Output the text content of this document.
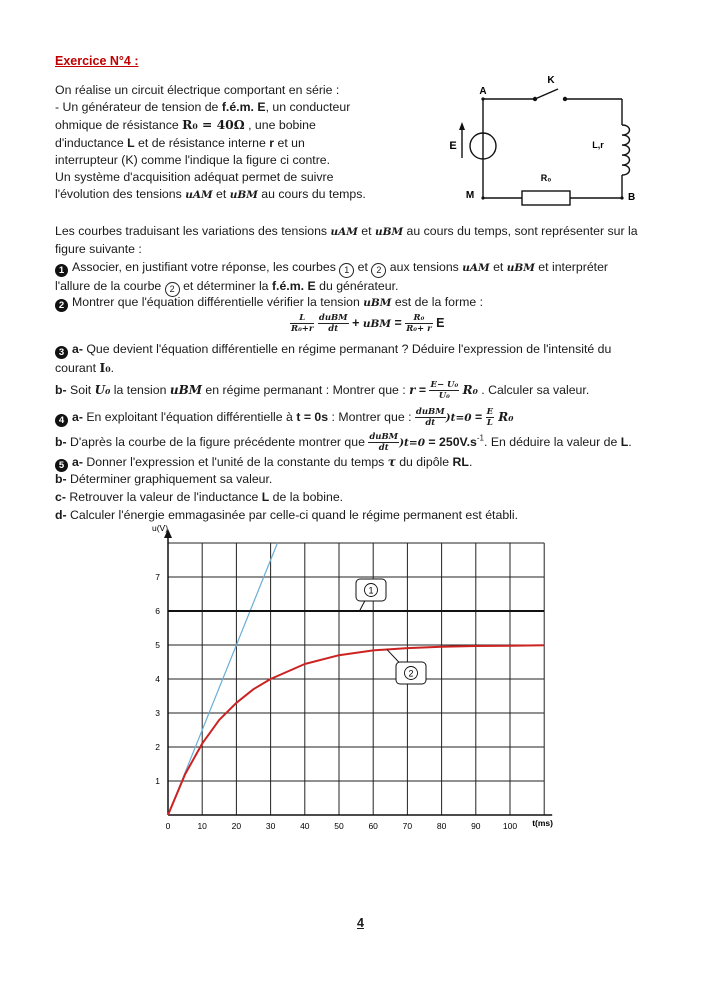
Exercice N°4 :
On réalise un circuit électrique comportant en série :
- Un générateur de tension de f.é.m. E, un conducteur
ohmique de résistance R₀ = 40Ω , une bobine
d'inductance L et de résistance interne r et un
interrupteur (K) comme l'indique la figure ci contre.
Un système d'acquisition adéquat permet de suivre
l'évolution des tensions uAM et uBM au cours du temps.
A
K
E	L,r
R₀
M	B
Les courbes traduisant les variations des tensions uAM et uBM au cours du temps, sont représenter sur la
figure suivante :
1 Associer, en justifiant votre réponse, les courbes 1 et 2 aux tensions uAM et uBM et interpréter
l'allure de la courbe 2 et déterminer la f.é.m. E du générateur.
2 Montrer que l'équation différentielle vérifier la tension uBM est de la forme :
$\frac{L}{\text{R₀+r}}$
$\frac{\text{duBM}}{dt}$ + uBM = $\frac{\text{R₀}}{\text{R₀+ r}}$ E
3 a- Que devient l'équation différentielle en régime permanant ? Déduire l'expression de l'intensité du
courant I₀.
b- Soit U₀ la tension uBM en régime permanant : Montrer que : $r = \frac{\text{E− U₀}}{\text{U₀}} R_0$ . Calculer sa valeur.
4 a- En exploitant l'équation différentielle à t = 0s : Montrer que : $\frac{\text{duBM}}{dt} )t=0 = \frac{E}{L} R_0$
b- D'après la courbe de la figure précédente montrer que $\frac{\text{duBM}}{dt} )t=0 = 250V.s^{-1}$. En déduire la valeur de L.
5 a- Donner l'expression et l'unité de la constante du temps τ du dipôle RL.
b- Déterminer graphiquement sa valeur.
c- Retrouver la valeur de l'inductance L de la bobine.
d- Calculer l'énergie emmagasinée par celle-ci quand le régime permanent est établi.
0	10	20	30	40	50	60	70	80	90	100
1
2
3
4
5
6
7
u(V)
t(ms)
1
2
4
